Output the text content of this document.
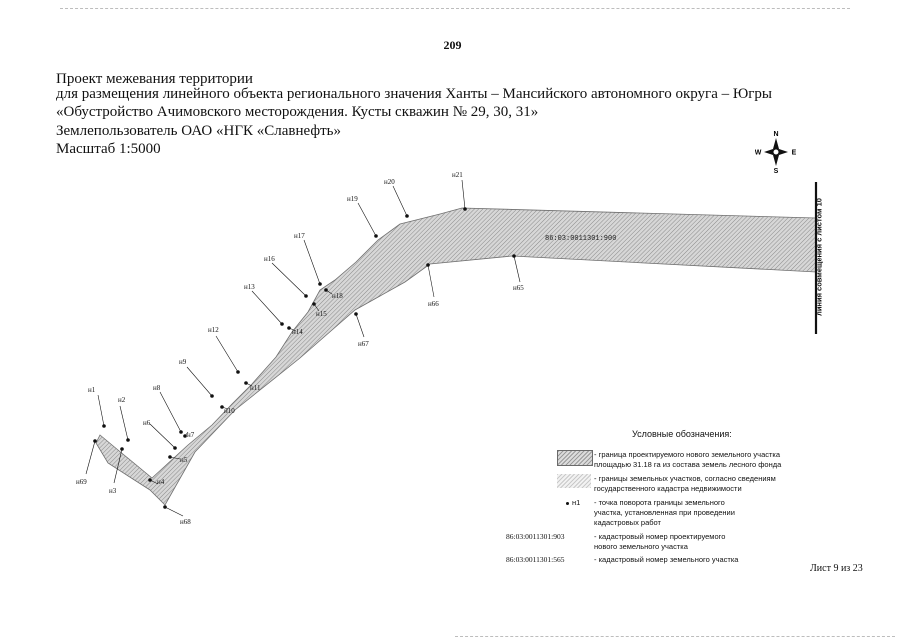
209
Проект межевания территории
для размещения линейного объекта регионального значения Ханты – Мансийского автономного округа – Югры
«Обустройство Ачимовского месторождения. Кусты скважин № 29, 30, 31»
Землепользователь ОАО «НГК «Славнефть»
Масштаб 1:5000
N
S
W	E
86:03:0011301:900
н1
н2
н3
н4
н5
н6
н7
н8
н9
н10
н11
н12
н13
н14
н15
н16
н17
н18
н19
н20
н21
н65
н66
н67
н68
н69
линия совмещения с листом 10
Условные обозначения:
- граница проектируемого нового земельного участка
площадью 31.18 га из состава земель лесного фонда
- границы земельных участков, согласно сведениям
государственного кадастра недвижимости
н1 - точка поворота границы земельного
участка, установленная при проведении
кадастровых работ
86:03:0011301:903	- кадастровый номер проектируемого
нового земельного участка
86:03:0011301:565	- кадастровый номер земельного участка
Лист 9 из 23
